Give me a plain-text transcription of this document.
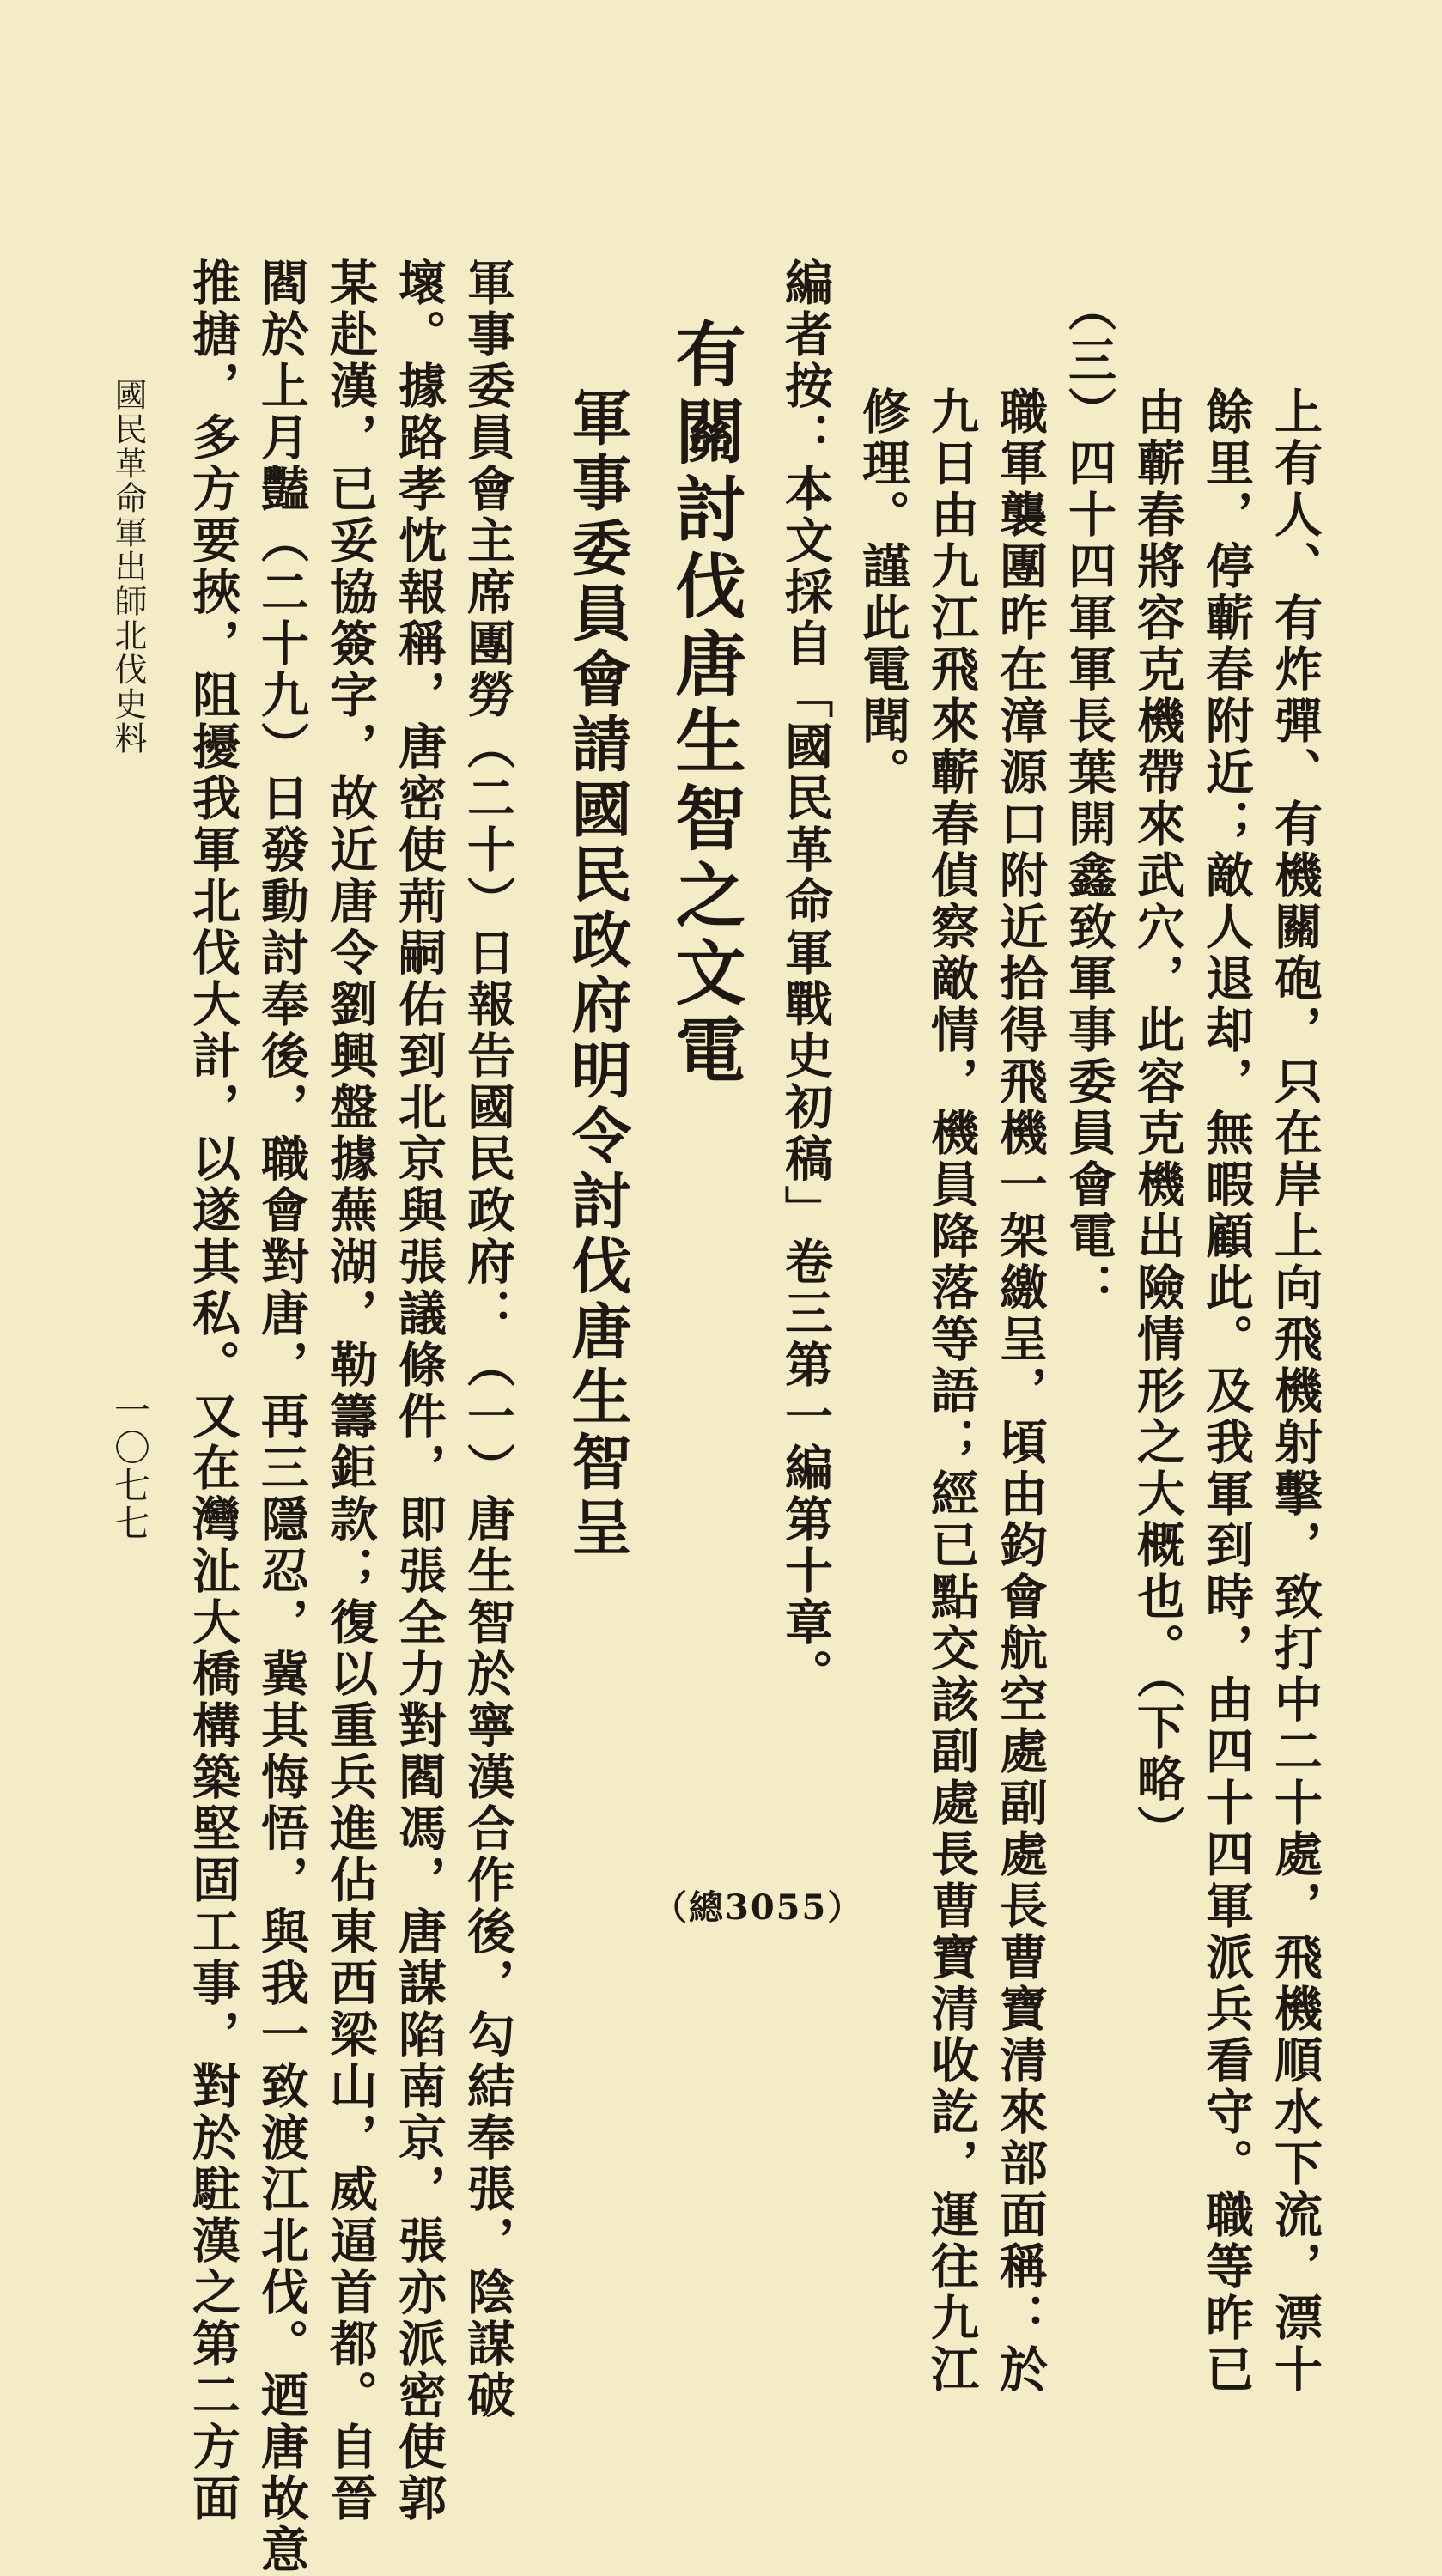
上有人、有炸彈、有機關砲，只在岸上向飛機射擊，致打中二十處，飛機順水下流，漂十
餘里，停蘄春附近；敵人退却，無暇顧此。及我軍到時，由四十四軍派兵看守。職等昨已
由蘄春將容克機帶來武穴，此容克機出險情形之大概也。（下略）
（三）四十四軍軍長葉開鑫致軍事委員會電：
職軍襲團昨在漳源口附近拾得飛機一架繳呈，頃由鈞會航空處副處長曹寶清來部面稱：於
九日由九江飛來蘄春偵察敵情，機員降落等語；經已點交該副處長曹寶清收訖，運往九江
修理。謹此電聞。
編者按：本文採自「國民革命軍戰史初稿」卷三第一編第十章。
有關討伐唐生智之文電
軍事委員會請國民政府明令討伐唐生智呈
軍事委員會主席團勞（二十）日報告國民政府：（一）唐生智於寧漢合作後，勾結奉張，陰謀破
壞。據路孝忱報稱，唐密使荊嗣佑到北京與張議條件，即張全力對閻馮，唐謀陷南京，張亦派密使郭
某赴漢，已妥協簽字，故近唐令劉興盤據蕪湖，勒籌鉅款；復以重兵進佔東西梁山，威逼首都。自晉
閻於上月豔（二十九）日發動討奉後，職會對唐，再三隱忍，冀其悔悟，與我一致渡江北伐。迺唐故意
推搪，多方要挾，阻擾我軍北伐大計，以遂其私。又在灣沚大橋構築堅固工事，對於駐漢之第二方面
國民革命軍出師北伐史料
一〇七七
（總3055）
